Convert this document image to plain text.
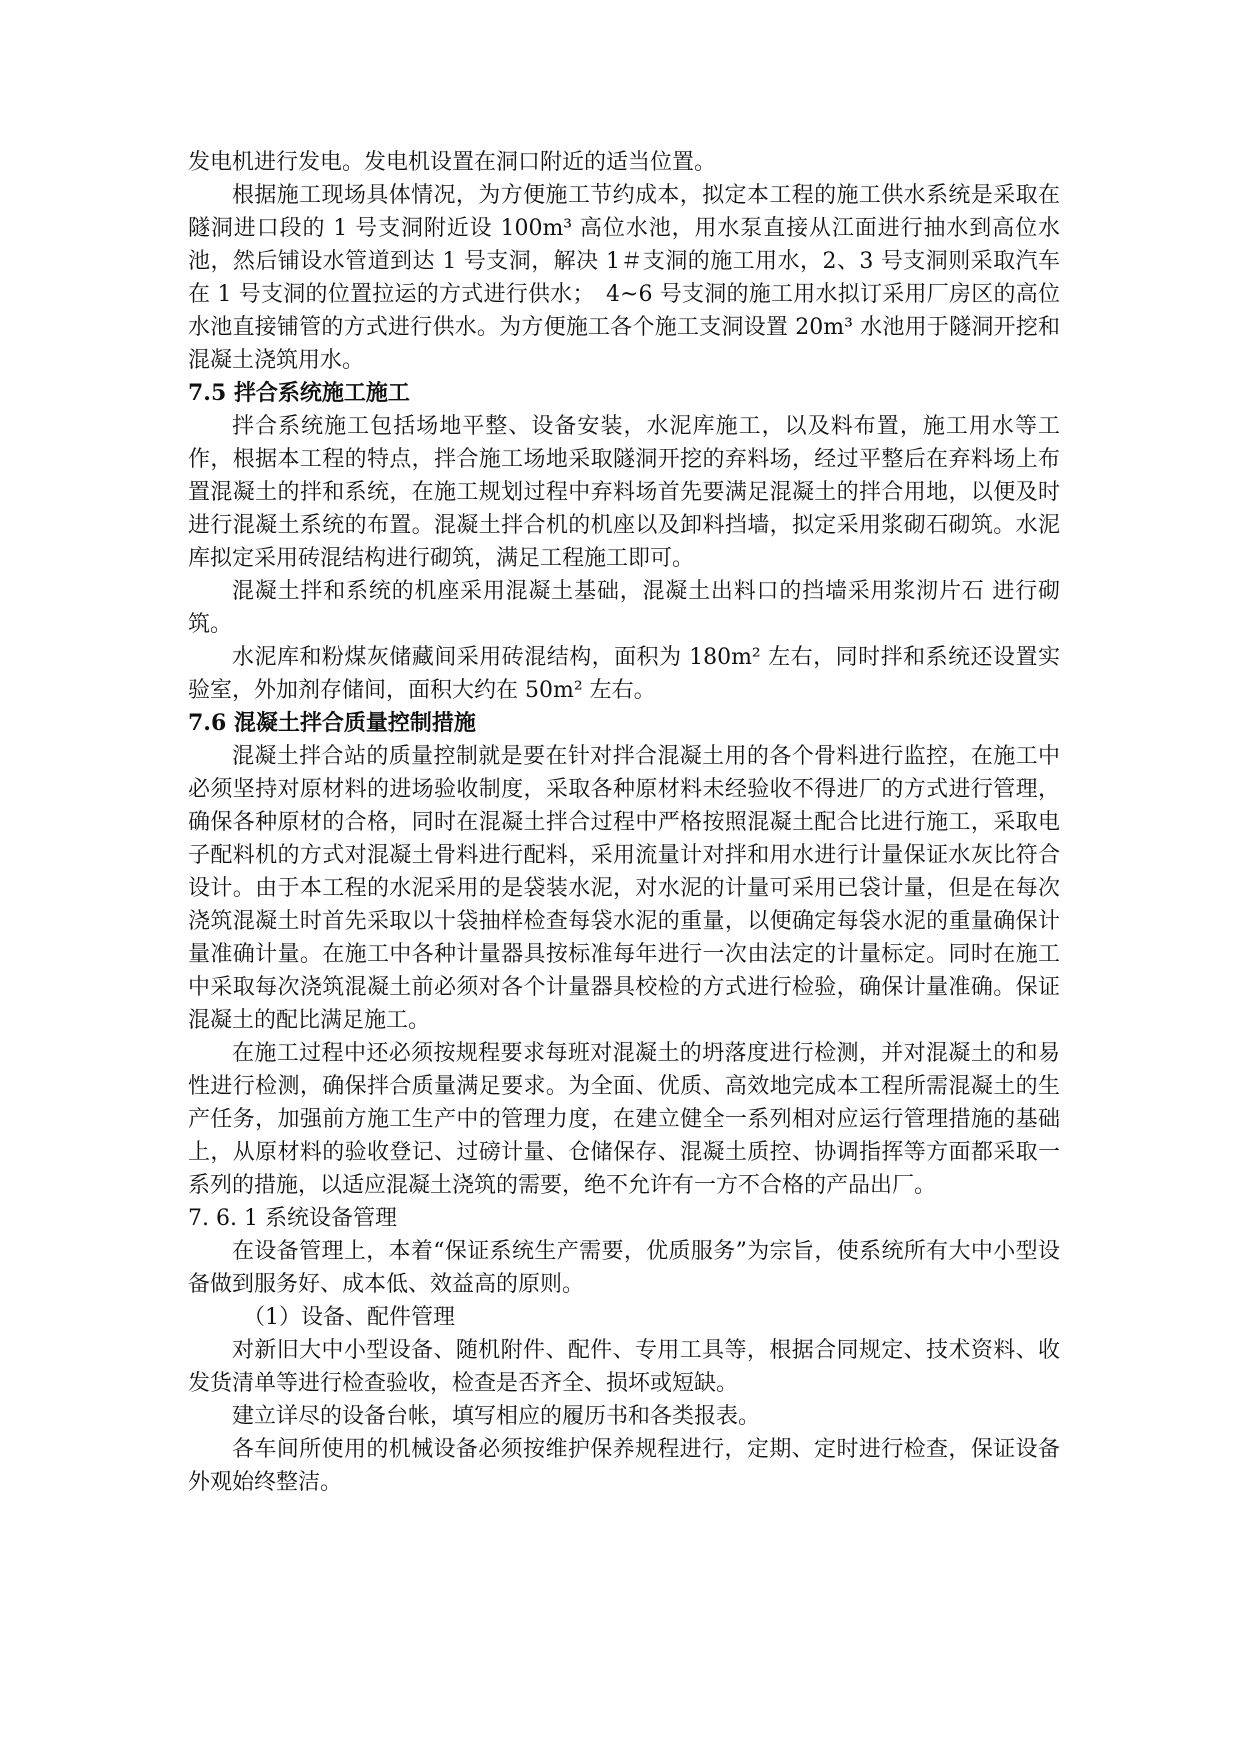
发电机进行发电。发电机设置在洞口附近的适当位置。

根据施工现场具体情况，为方便施工节约成本，拟定本工程的施工供水系统是采取在隧洞进口段的 1 号支洞附近设 100m³ 高位水池，用水泵直接从江面进行抽水到高位水池，然后铺设水管道到达 1 号支洞，解决 1＃支洞的施工用水，2、3 号支洞则采取汽车在 1 号支洞的位置拉运的方式进行供水；　4~6 号支洞的施工用水拟订采用厂房区的高位水池直接铺管的方式进行供水。为方便施工各个施工支洞设置 20m³ 水池用于隧洞开挖和混凝土浇筑用水。

7.5 拌合系统施工施工

拌合系统施工包括场地平整、设备安装，水泥库施工，以及料布置，施工用水等工作，根据本工程的特点，拌合施工场地采取隧洞开挖的弃料场，经过平整后在弃料场上布置混凝土的拌和系统，在施工规划过程中弃料场首先要满足混凝土的拌合用地，以便及时进行混凝土系统的布置。混凝土拌合机的机座以及卸料挡墙，拟定采用浆砌石砌筑。水泥库拟定采用砖混结构进行砌筑，满足工程施工即可。

混凝土拌和系统的机座采用混凝土基础，混凝土出料口的挡墙采用浆沏片石 进行砌筑。

水泥库和粉煤灰储藏间采用砖混结构，面积为 180m² 左右，同时拌和系统还设置实验室，外加剂存储间，面积大约在 50m² 左右。

7.6 混凝土拌合质量控制措施

混凝土拌合站的质量控制就是要在针对拌合混凝土用的各个骨料进行监控，在施工中必须坚持对原材料的进场验收制度，采取各种原材料未经验收不得进厂的方式进行管理，确保各种原材的合格，同时在混凝土拌合过程中严格按照混凝土配合比进行施工，采取电子配料机的方式对混凝土骨料进行配料，采用流量计对拌和用水进行计量保证水灰比符合设计。由于本工程的水泥采用的是袋装水泥，对水泥的计量可采用已袋计量，但是在每次浇筑混凝土时首先采取以十袋抽样检查每袋水泥的重量，以便确定每袋水泥的重量确保计量准确计量。在施工中各种计量器具按标准每年进行一次由法定的计量标定。同时在施工中采取每次浇筑混凝土前必须对各个计量器具校检的方式进行检验，确保计量准确。保证混凝土的配比满足施工。

在施工过程中还必须按规程要求每班对混凝土的坍落度进行检测，并对混凝土的和易性进行检测，确保拌合质量满足要求。为全面、优质、高效地完成本工程所需混凝土的生产任务，加强前方施工生产中的管理力度，在建立健全一系列相对应运行管理措施的基础上，从原材料的验收登记、过磅计量、仓储保存、混凝土质控、协调指挥等方面都采取一系列的措施，以适应混凝土浇筑的需要，绝不允许有一方不合格的产品出厂。

7. 6. 1 系统设备管理

在设备管理上，本着“保证系统生产需要，优质服务”为宗旨，使系统所有大中小型设备做到服务好、成本低、效益高的原则。

（1）设备、配件管理

对新旧大中小型设备、随机附件、配件、专用工具等，根据合同规定、技术资料、收发货清单等进行检查验收，检查是否齐全、损坏或短缺。

建立详尽的设备台帐，填写相应的履历书和各类报表。

各车间所使用的机械设备必须按维护保养规程进行，定期、定时进行检查，保证设备外观始终整洁。
